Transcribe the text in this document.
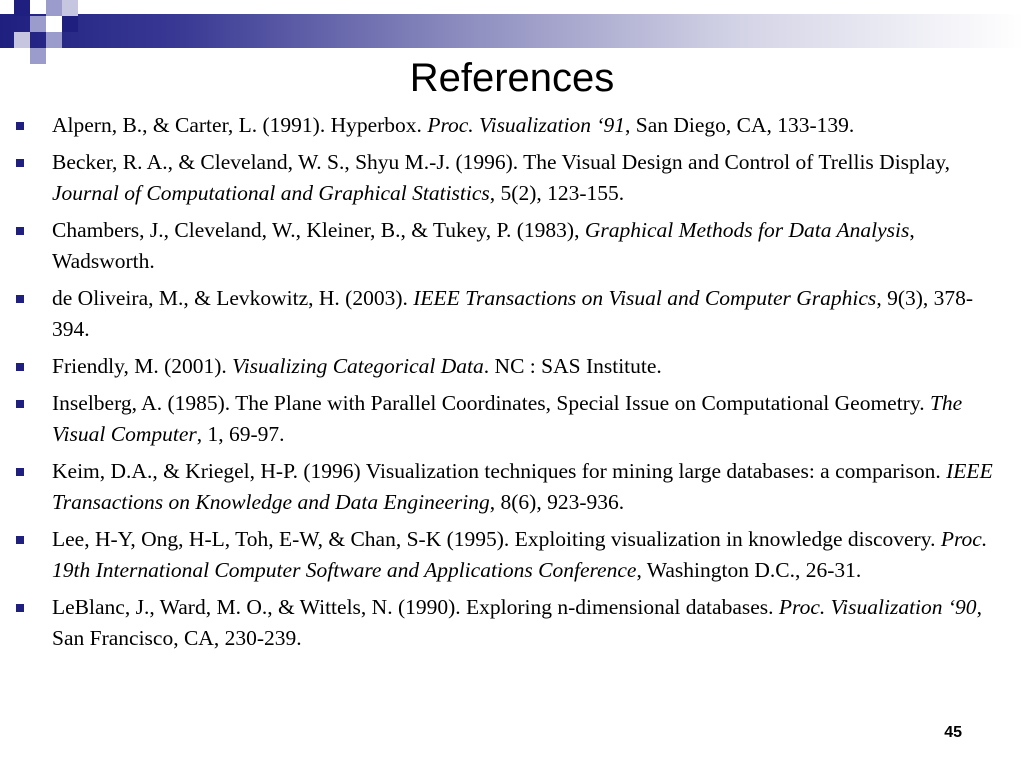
References
Alpern, B., & Carter, L. (1991). Hyperbox. Proc. Visualization ‘91, San Diego, CA, 133-139.
Becker, R. A., & Cleveland, W. S., Shyu M.-J. (1996). The Visual Design and Control of Trellis Display, Journal of Computational and Graphical Statistics, 5(2), 123-155.
Chambers, J., Cleveland, W., Kleiner, B., & Tukey, P. (1983), Graphical Methods for Data Analysis, Wadsworth.
de Oliveira, M., & Levkowitz, H. (2003). IEEE Transactions on Visual and Computer Graphics, 9(3), 378-394.
Friendly, M. (2001). Visualizing Categorical Data. NC : SAS Institute.
Inselberg, A. (1985). The Plane with Parallel Coordinates, Special Issue on Computational Geometry. The Visual Computer, 1, 69-97.
Keim, D.A., & Kriegel, H-P. (1996) Visualization techniques for mining large databases: a comparison. IEEE Transactions on Knowledge and Data Engineering, 8(6), 923-936.
Lee, H-Y, Ong, H-L, Toh, E-W, & Chan, S-K (1995). Exploiting visualization in knowledge discovery. Proc. 19th International Computer Software and Applications Conference, Washington D.C., 26-31.
LeBlanc, J., Ward, M. O., & Wittels, N. (1990). Exploring n-dimensional databases. Proc. Visualization ‘90, San Francisco, CA, 230-239.
45
